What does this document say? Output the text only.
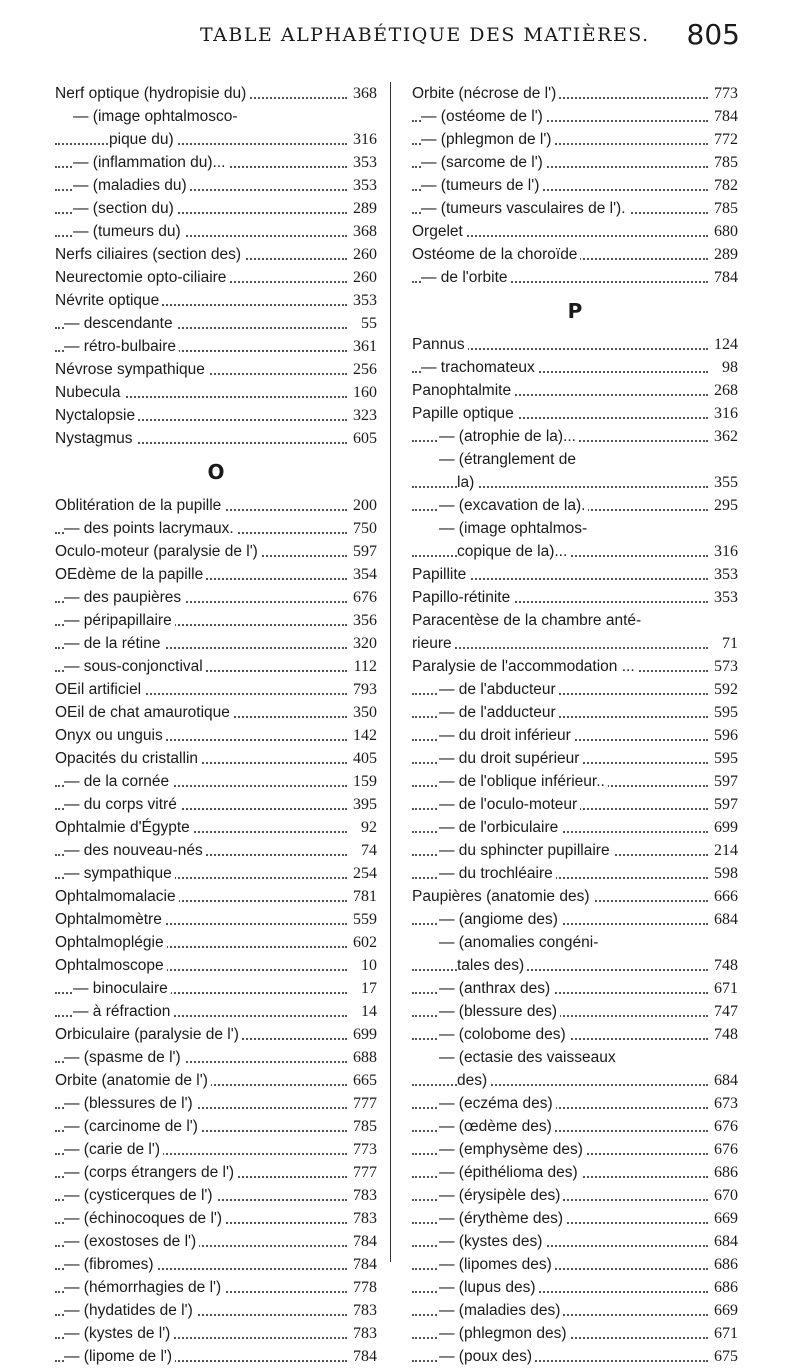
TABLE ALPHABÉTIQUE DES MATIÈRES. 805
Nerf optique (hydropisie du)	368
— (image ophtalmosco-
pique du)	316
— (inflammation du)...	353
— (maladies du)	353
— (section du)	289
— (tumeurs du)	368
Nerfs ciliaires (section des)	260
Neurectomie opto-ciliaire	260
Névrite optique	353
— descendante	55
— rétro-bulbaire	361
Névrose sympathique	256
Nubecula	160
Nyctalopsie	323
Nystagmus	605
O
Oblitération de la pupille	200
— des points lacrymaux.	750
Oculo-moteur (paralysie de l')	597
OEdème de la papille	354
— des paupières	676
— péripapillaire	356
— de la rétine	320
— sous-conjonctival	112
OEil artificiel	793
OEil de chat amaurotique	350
Onyx ou unguis	142
Opacités du cristallin	405
— de la cornée	159
— du corps vitré	395
Ophtalmie d'Égypte	92
— des nouveau-nés	74
— sympathique	254
Ophtalmomalacie	781
Ophtalmomètre	559
Ophtalmoplégie	602
Ophtalmoscope	10
— binoculaire	17
— à réfraction	14
Orbiculaire (paralysie de l')	699
— (spasme de l')	688
Orbite (anatomie de l')	665
— (blessures de l')	777
— (carcinome de l')	785
— (carie de l')	773
— (corps étrangers de l')	777
— (cysticerques de l')	783
— (échinocoques de l')	783
— (exostoses de l')	784
— (fibromes)	784
— (hémorrhagies de l')	778
— (hydatides de l')	783
— (kystes de l')	783
— (lipome de l')	784
Orbite (nécrose de l')	773
— (ostéome de l')	784
— (phlegmon de l')	772
— (sarcome de l')	785
— (tumeurs de l')	782
— (tumeurs vasculaires de l').	785
Orgelet	680
Ostéome de la choroïde	289
— de l'orbite	784
P
Pannus	124
— trachomateux	98
Panophtalmite	268
Papille optique	316
— (atrophie de la)...	362
— (étranglement de
la)	355
— (excavation de la).	295
— (image ophtalmos-
copique de la)...	316
Papillite	353
Papillo-rétinite	353
Paracentèse de la chambre anté-
rieure	71
Paralysie de l'accommodation ...	573
— de l'abducteur	592
— de l'adducteur	595
— du droit inférieur	596
— du droit supérieur	595
— de l'oblique inférieur..	597
— de l'oculo-moteur	597
— de l'orbiculaire	699
— du sphincter pupillaire	214
— du trochléaire	598
Paupières (anatomie des)	666
— (angiome des)	684
— (anomalies congéni-
tales des)	748
— (anthrax des)	671
— (blessure des)	747
— (colobome des)	748
— (ectasie des vaisseaux
des)	684
— (eczéma des)	673
— (œdème des)	676
— (emphysème des)	676
— (épithélioma des)	686
— (érysipèle des)	670
— (érythème des)	669
— (kystes des)	684
— (lipomes des)	686
— (lupus des)	686
— (maladies des)	669
— (phlegmon des)	671
— (poux des)	675
